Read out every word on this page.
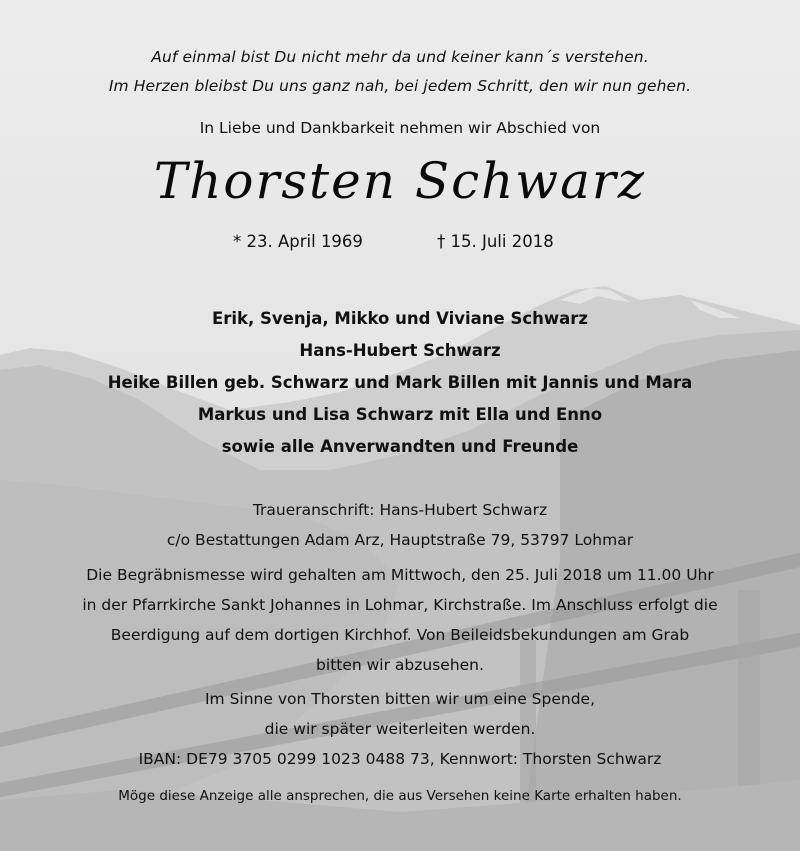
Auf einmal bist Du nicht mehr da und keiner kann´s verstehen.
Im Herzen bleibst Du uns ganz nah, bei jedem Schritt, den wir nun gehen.
In Liebe und Dankbarkeit nehmen wir Abschied von
Thorsten Schwarz
* 23. April 1969	† 15. Juli 2018
Erik, Svenja, Mikko und Viviane Schwarz
Hans-Hubert Schwarz
Heike Billen geb. Schwarz und Mark Billen mit Jannis und Mara
Markus und Lisa Schwarz mit Ella und Enno
sowie alle Anverwandten und Freunde
Traueranschrift: Hans-Hubert Schwarz
c/o Bestattungen Adam Arz, Hauptstraße 79, 53797 Lohmar
Die Begräbnismesse wird gehalten am Mittwoch, den 25. Juli 2018 um 11.00 Uhr
in der Pfarrkirche Sankt Johannes in Lohmar, Kirchstraße. Im Anschluss erfolgt die
Beerdigung auf dem dortigen Kirchhof. Von Beileidsbekundungen am Grab
bitten wir abzusehen.
Im Sinne von Thorsten bitten wir um eine Spende,
die wir später weiterleiten werden.
IBAN: DE79 3705 0299 1023 0488 73, Kennwort: Thorsten Schwarz
Möge diese Anzeige alle ansprechen, die aus Versehen keine Karte erhalten haben.
